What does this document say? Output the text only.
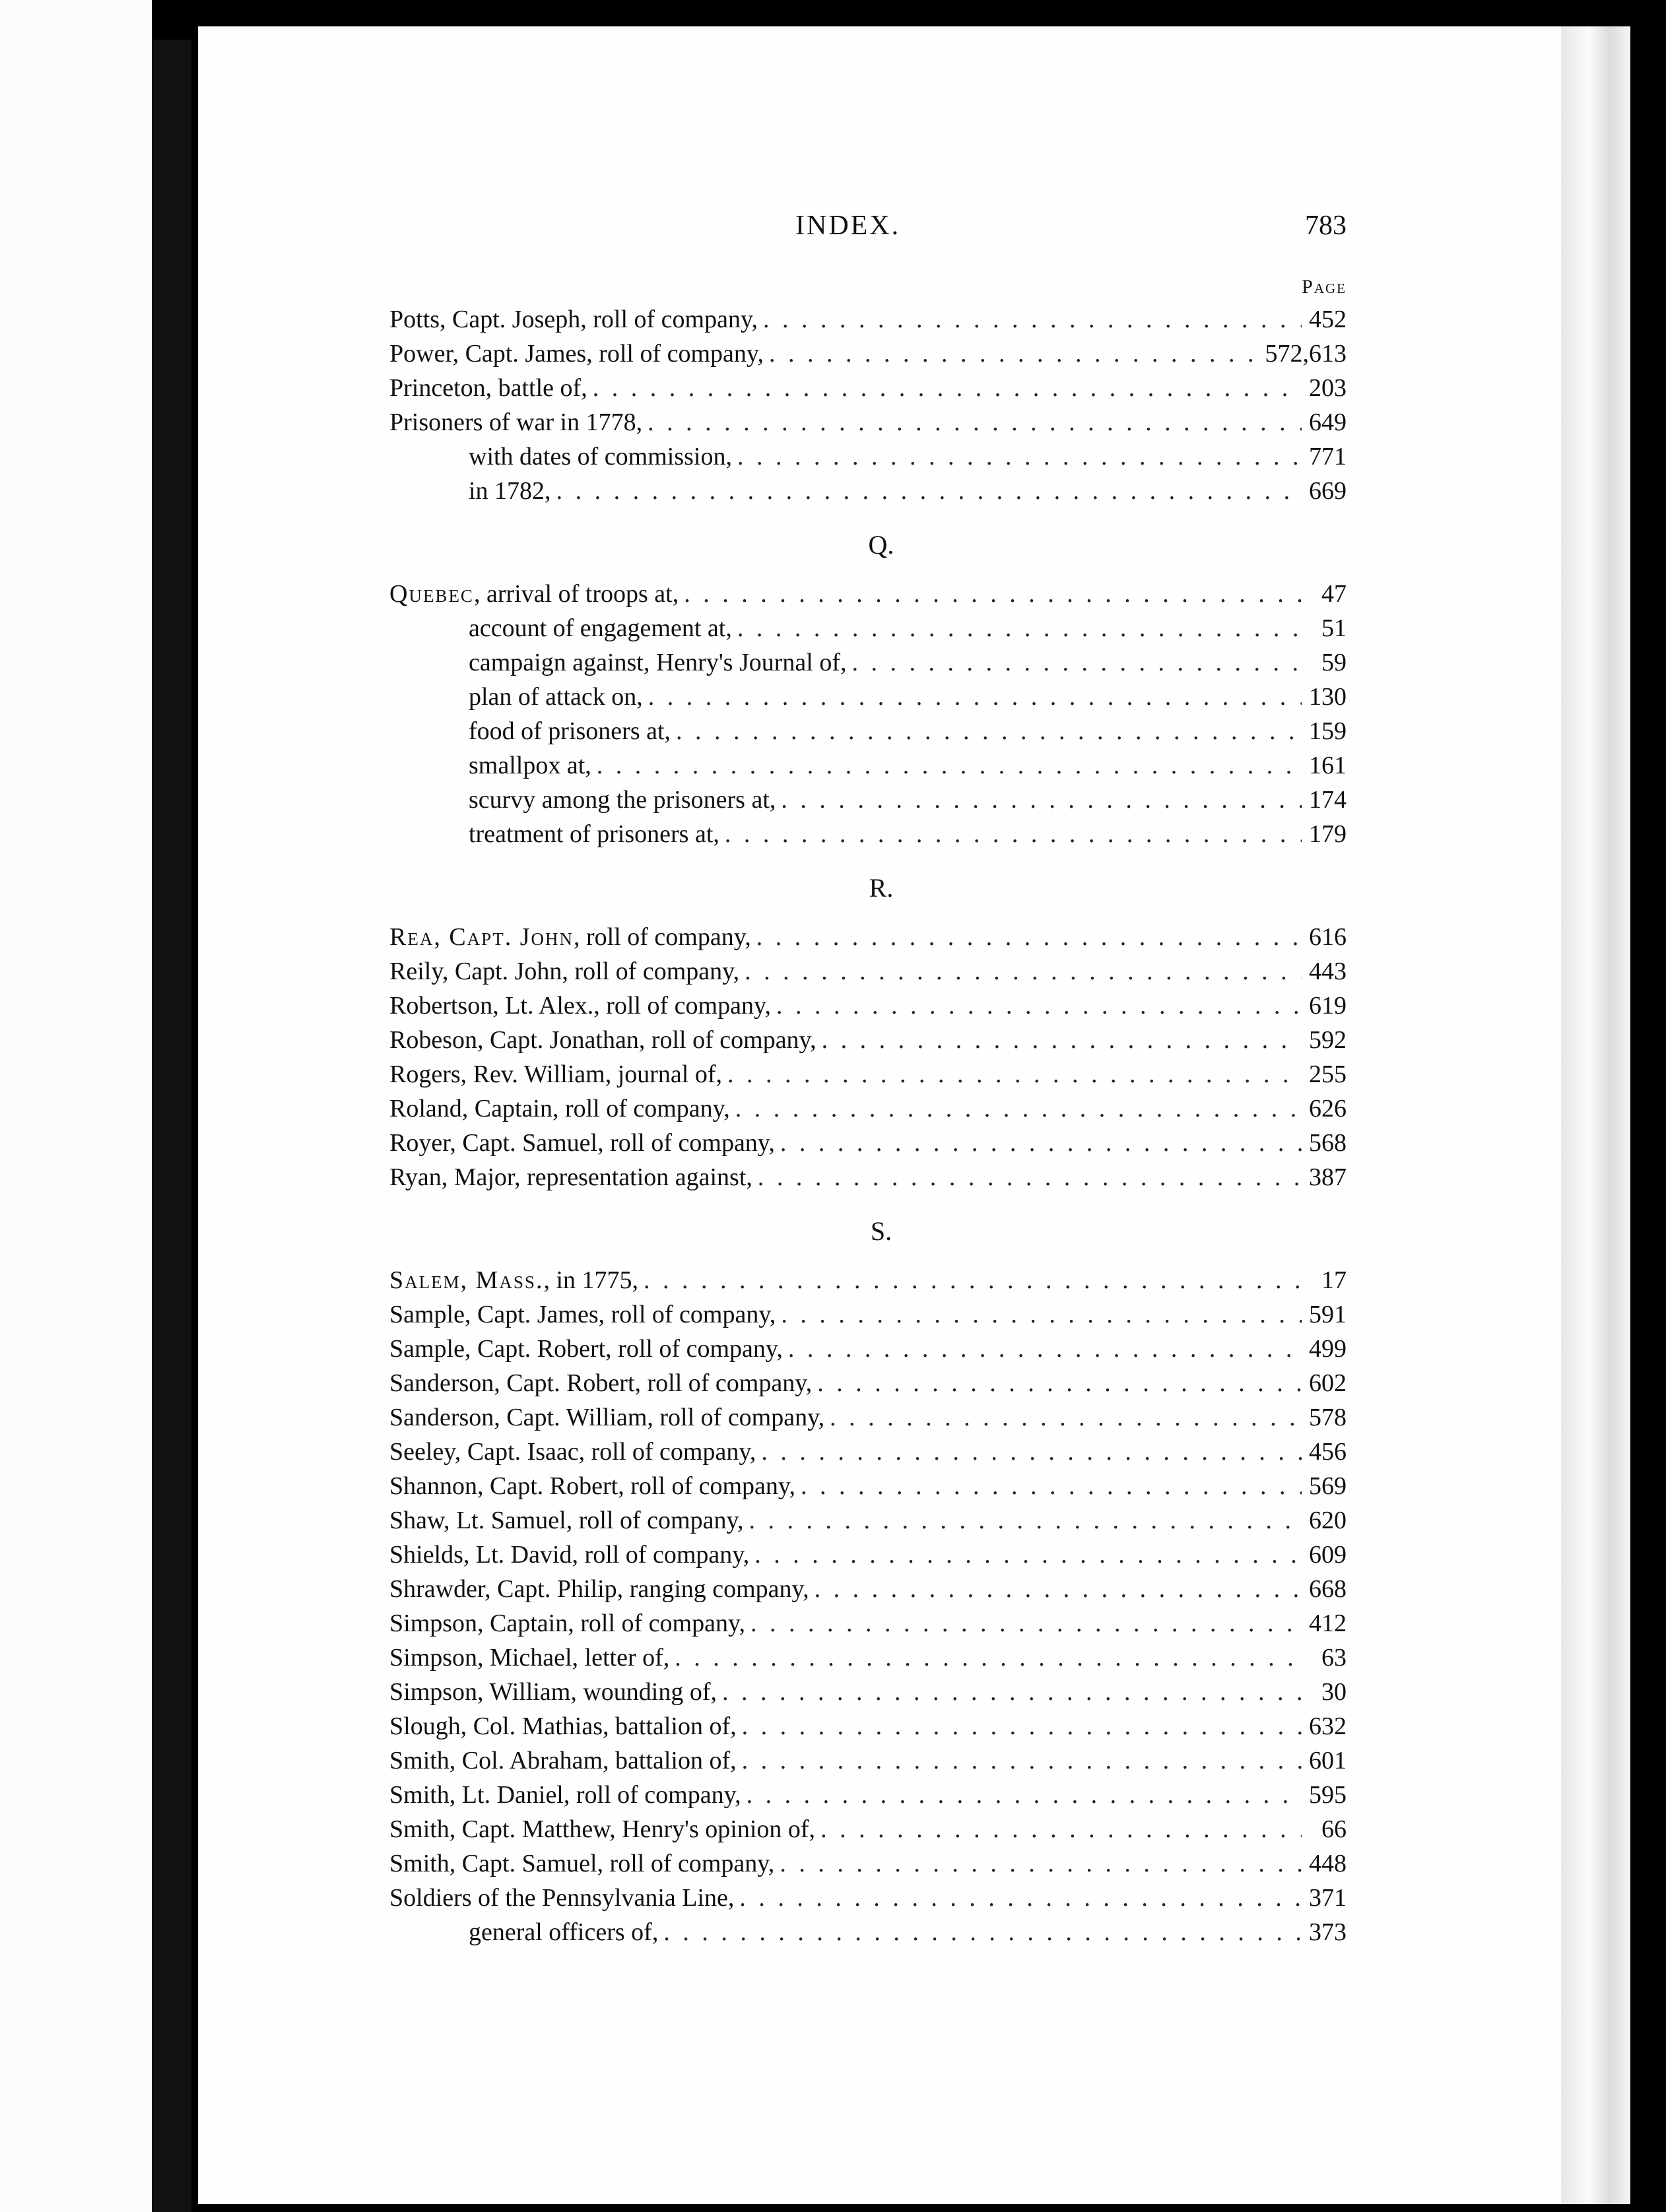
INDEX.	783
Page
Potts, Capt. Joseph, roll of company, . . .	452
Power, Capt. James, roll of company, . . .	572,613
Princeton, battle of, . . .	203
Prisoners of war in 1778, . . .	649
with dates of commission, . . .	771
in 1782, . . .	669
Q.
Quebec, arrival of troops at, . . .	47
account of engagement at, . . .	51
campaign against, Henry's Journal of, . . .	59
plan of attack on, . . .	130
food of prisoners at, . . .	159
smallpox at, . . .	161
scurvy among the prisoners at, . . .	174
treatment of prisoners at, . . .	179
R.
Rea, Capt. John, roll of company, . . .	616
Reily, Capt. John, roll of company, . . .	443
Robertson, Lt. Alex., roll of company, . . .	619
Robeson, Capt. Jonathan, roll of company, . . .	592
Rogers, Rev. William, journal of, . . .	255
Roland, Captain, roll of company, . . .	626
Royer, Capt. Samuel, roll of company, . . .	568
Ryan, Major, representation against, . . .	387
S.
Salem, Mass., in 1775, . . .	17
Sample, Capt. James, roll of company, . . .	591
Sample, Capt. Robert, roll of company, . . .	499
Sanderson, Capt. Robert, roll of company, . . .	602
Sanderson, Capt. William, roll of company, . . .	578
Seeley, Capt. Isaac, roll of company, . . .	456
Shannon, Capt. Robert, roll of company, . . .	569
Shaw, Lt. Samuel, roll of company, . . .	620
Shields, Lt. David, roll of company, . . .	609
Shrawder, Capt. Philip, ranging company, . . .	668
Simpson, Captain, roll of company, . . .	412
Simpson, Michael, letter of, . . .	63
Simpson, William, wounding of, . . .	30
Slough, Col. Mathias, battalion of, . . .	632
Smith, Col. Abraham, battalion of, . . .	601
Smith, Lt. Daniel, roll of company, . . .	595
Smith, Capt. Matthew, Henry's opinion of, . . .	66
Smith, Capt. Samuel, roll of company, . . .	448
Soldiers of the Pennsylvania Line, . . .	371
general officers of, . . .	373
